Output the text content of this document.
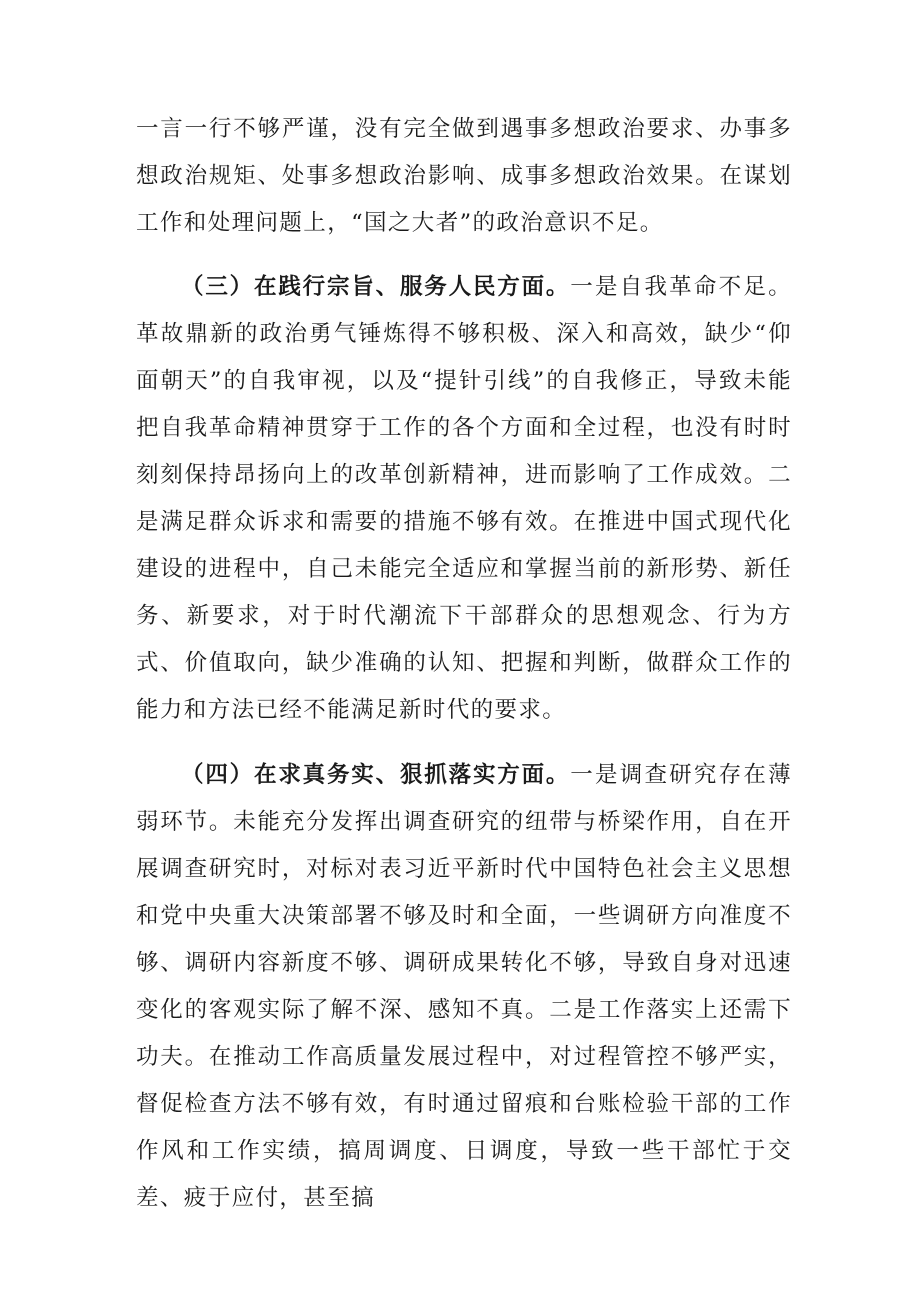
一言一行不够严谨，没有完全做到遇事多想政治要求、办事多想政治规矩、处事多想政治影响、成事多想政治效果。在谋划工作和处理问题上，“国之大者”的政治意识不足。

（三）在践行宗旨、服务人民方面。一是自我革命不足。革故鼎新的政治勇气锤炼得不够积极、深入和高效，缺少“仰面朝天”的自我审视，以及“提针引线”的自我修正，导致未能把自我革命精神贯穿于工作的各个方面和全过程，也没有时时刻刻保持昂扬向上的改革创新精神，进而影响了工作成效。二是满足群众诉求和需要的措施不够有效。在推进中国式现代化建设的进程中，自己未能完全适应和掌握当前的新形势、新任务、新要求，对于时代潮流下干部群众的思想观念、行为方式、价值取向，缺少准确的认知、把握和判断，做群众工作的能力和方法已经不能满足新时代的要求。

（四）在求真务实、狠抓落实方面。一是调查研究存在薄弱环节。未能充分发挥出调查研究的纽带与桥梁作用，自在开展调查研究时，对标对表习近平新时代中国特色社会主义思想和党中央重大决策部署不够及时和全面，一些调研方向准度不够、调研内容新度不够、调研成果转化不够，导致自身对迅速变化的客观实际了解不深、感知不真。二是工作落实上还需下功夫。在推动工作高质量发展过程中，对过程管控不够严实，督促检查方法不够有效，有时通过留痕和台账检验干部的工作作风和工作实绩，搞周调度、日调度，导致一些干部忙于交差、疲于应付，甚至搞
